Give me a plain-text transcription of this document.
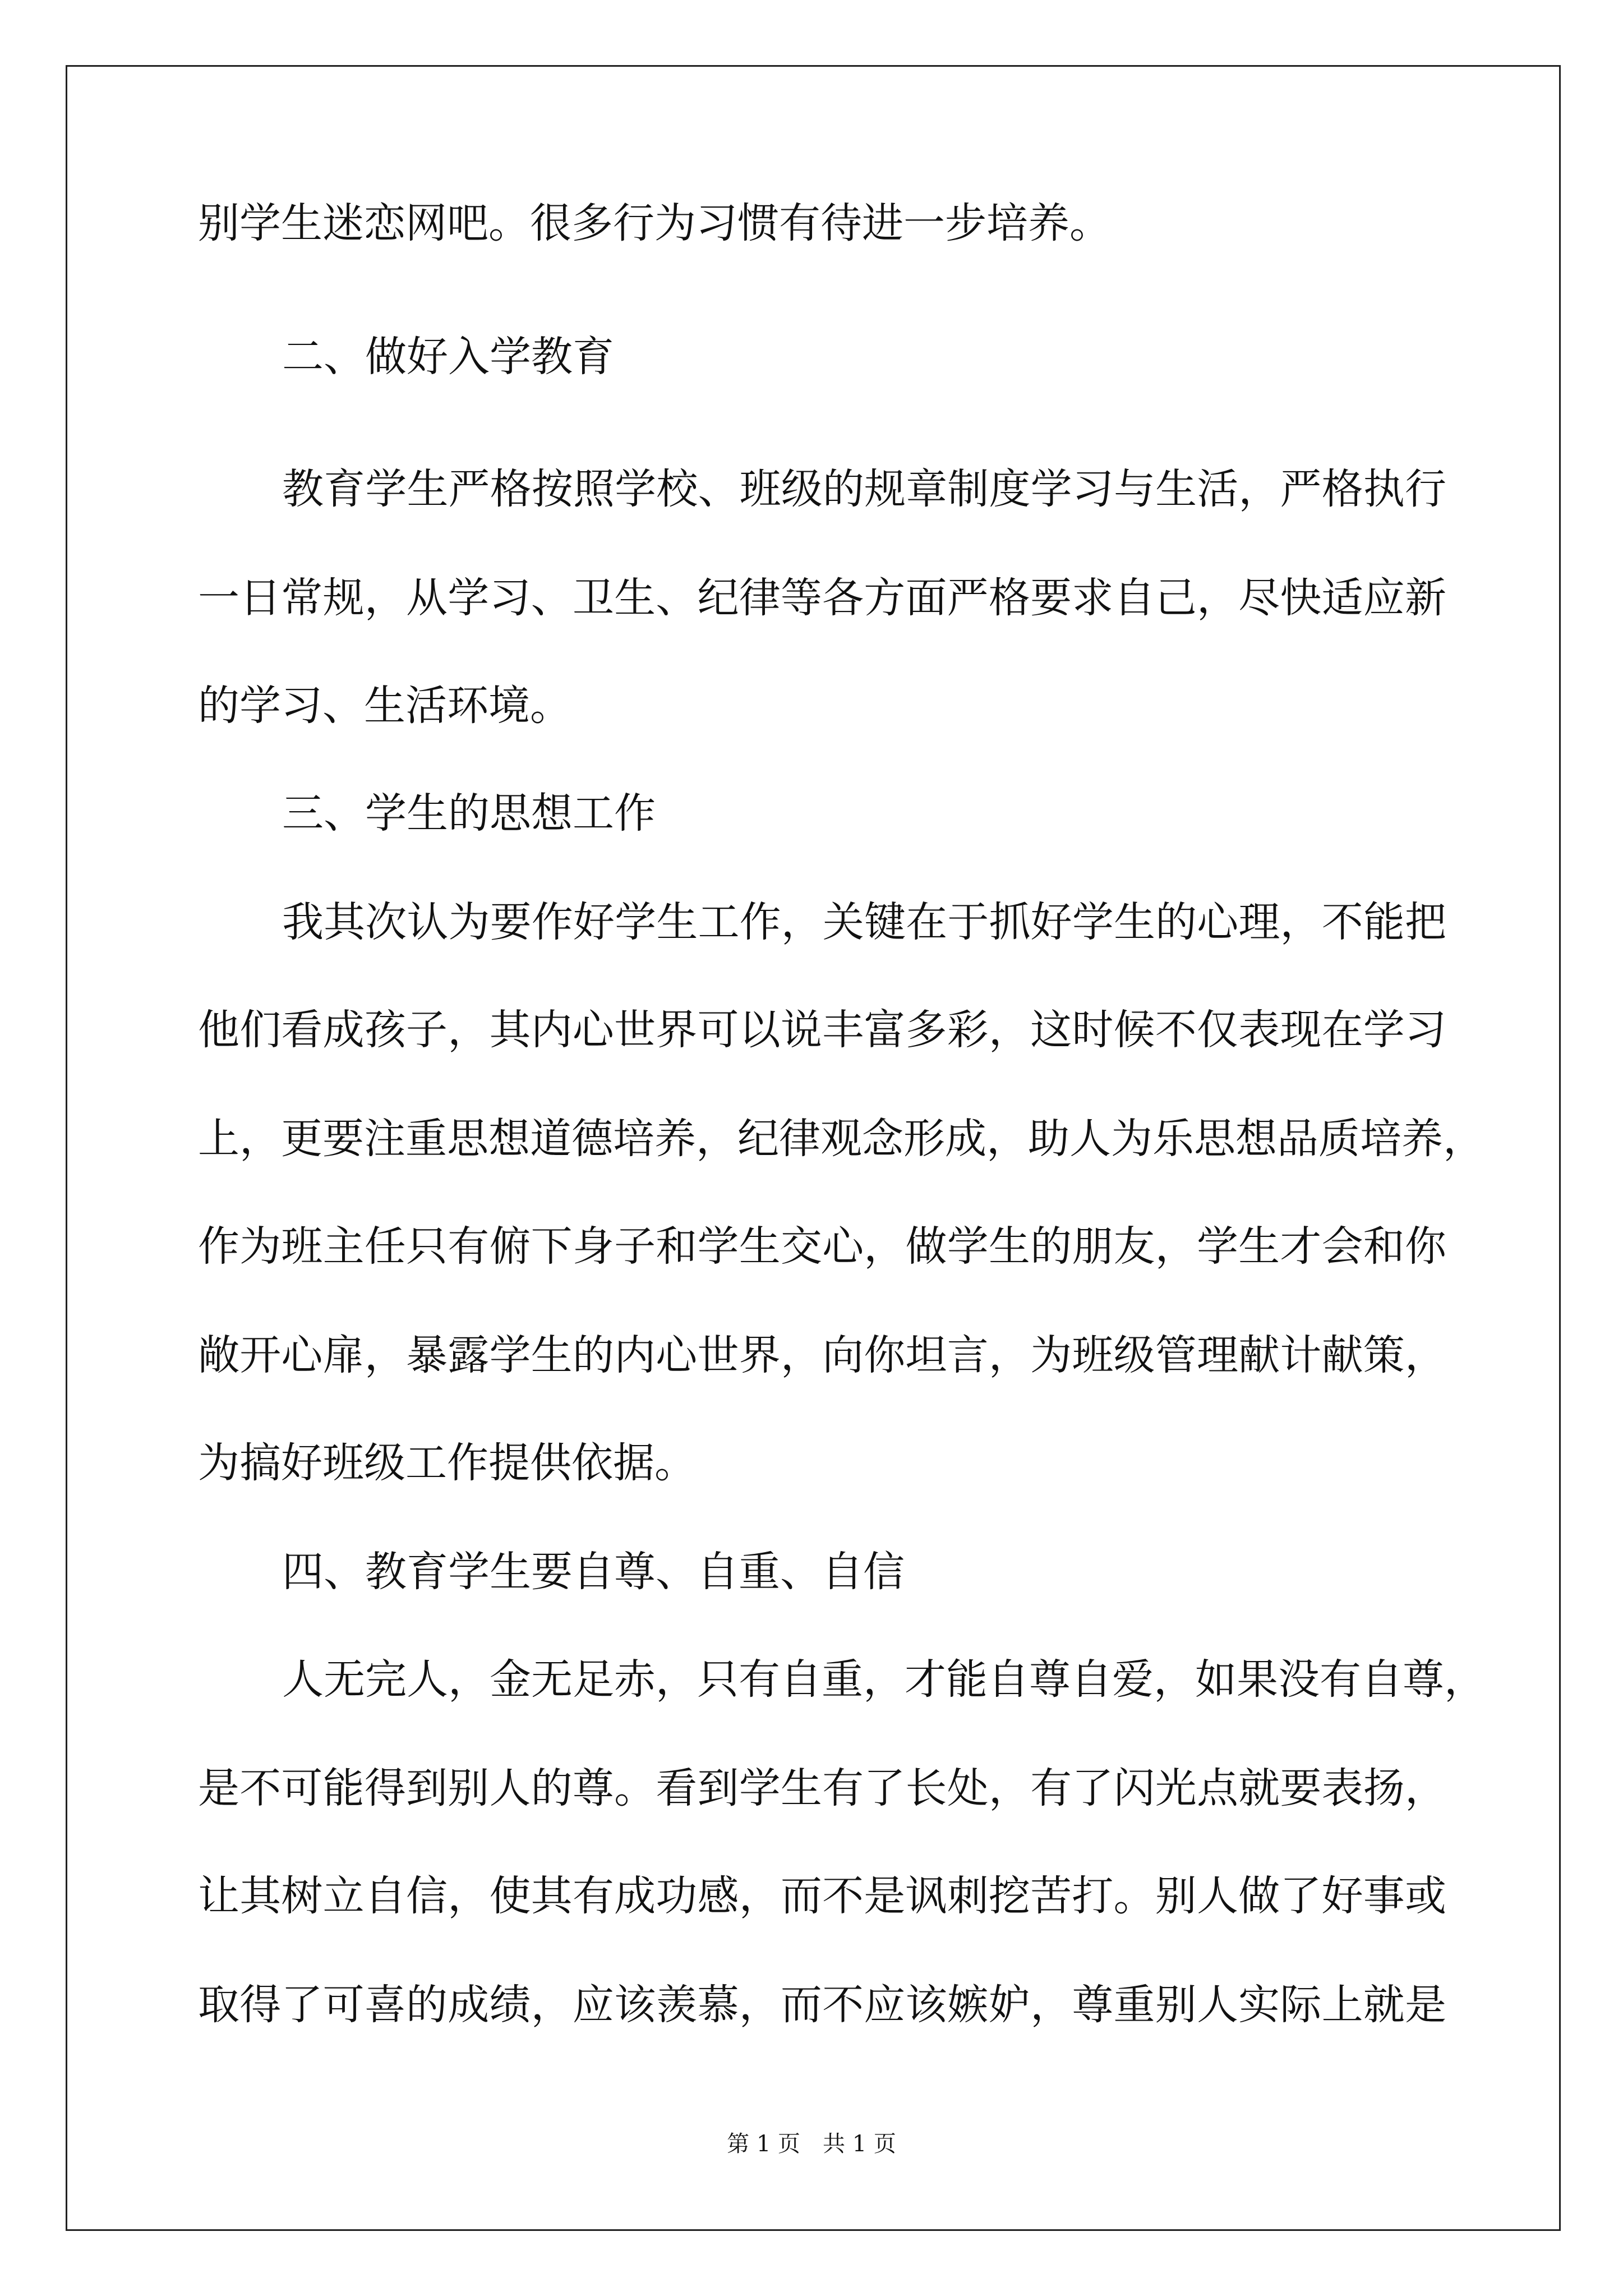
别学生迷恋网吧。很多行为习惯有待进一步培养。
二、做好入学教育
教育学生严格按照学校、班级的规章制度学习与生活，严格执行
一日常规，从学习、卫生、纪律等各方面严格要求自己，尽快适应新
的学习、生活环境。
三、学生的思想工作
我其次认为要作好学生工作，关键在于抓好学生的心理，不能把
他们看成孩子，其内心世界可以说丰富多彩，这时候不仅表现在学习
上，更要注重思想道德培养，纪律观念形成，助人为乐思想品质培养，
作为班主任只有俯下身子和学生交心，做学生的朋友，学生才会和你
敞开心扉，暴露学生的内心世界，向你坦言，为班级管理献计献策，
为搞好班级工作提供依据。
四、教育学生要自尊、自重、自信
人无完人，金无足赤，只有自重，才能自尊自爱，如果没有自尊，
是不可能得到别人的尊。看到学生有了长处，有了闪光点就要表扬，
让其树立自信，使其有成功感，而不是讽刺挖苦打。别人做了好事或
取得了可喜的成绩，应该羡慕，而不应该嫉妒，尊重别人实际上就是
第 1 页　共 1 页
